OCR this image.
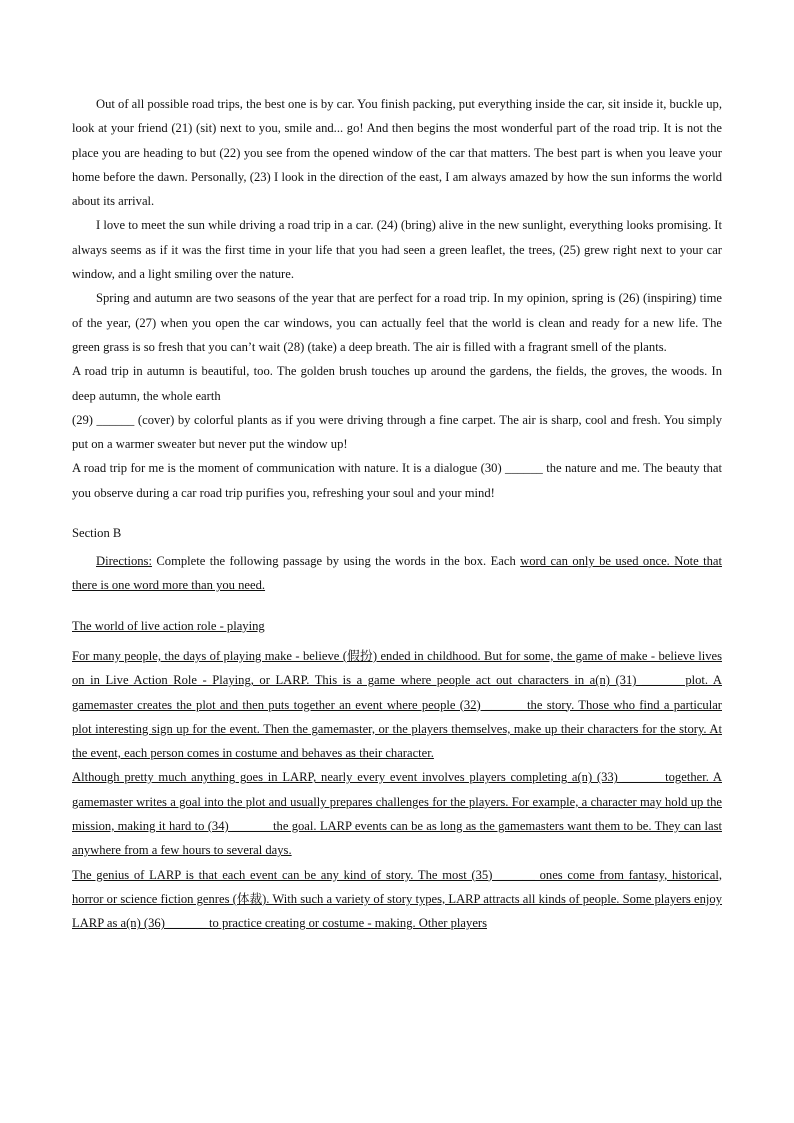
Out of all possible road trips, the best one is by car. You finish packing, put everything inside the car, sit inside it, buckle up, look at your friend (21) (sit) next to you, smile and... go! And then begins the most wonderful part of the road trip. It is not the place you are heading to but (22) you see from the opened window of the car that matters. The best part is when you leave your home before the dawn. Personally, (23) I look in the direction of the east, I am always amazed by how the sun informs the world about its arrival.

I love to meet the sun while driving a road trip in a car. (24) (bring) alive in the new sunlight, everything looks promising. It always seems as if it was the first time in your life that you had seen a green leaflet, the trees, (25) grew right next to your car window, and a light smiling over the nature.

Spring and autumn are two seasons of the year that are perfect for a road trip. In my opinion, spring is (26) (inspiring) time of the year, (27) when you open the car windows, you can actually feel that the world is clean and ready for a new life. The green grass is so fresh that you can’t wait (28) (take) a deep breath. The air is filled with a fragrant smell of the plants.

A road trip in autumn is beautiful, too. The golden brush touches up around the gardens, the fields, the groves, the woods. In deep autumn, the whole earth

(29) ______ (cover) by colorful plants as if you were driving through a fine carpet. The air is sharp, cool and fresh. You simply put on a warmer sweater but never put the window up!

A road trip for me is the moment of communication with nature. It is a dialogue (30) ______ the nature and me. The beauty that you observe during a car road trip purifies you, refreshing your soul and your mind!

Section B

Directions: Complete the following passage by using the words in the box. Each word can only be used once. Note that there is one word more than you need.

The world of live action role - playing

For many people, the days of playing make - believe (假扮) ended in childhood. But for some, the game of make - believe lives on in Live Action Role - Playing, or LARP. This is a game where people act out characters in a(n) (31) ______ plot. A gamemaster creates the plot and then puts together an event where people (32) ______ the story. Those who find a particular plot interesting sign up for the event. Then the gamemaster, or the players themselves, make up their characters for the story. At the event, each person comes in costume and behaves as their character.

Although pretty much anything goes in LARP, nearly every event involves players completing a(n) (33) ______ together. A gamemaster writes a goal into the plot and usually prepares challenges for the players. For example, a character may hold up the mission, making it hard to (34) ______ the goal. LARP events can be as long as the gamemasters want them to be. They can last anywhere from a few hours to several days.

The genius of LARP is that each event can be any kind of story. The most (35) ______ ones come from fantasy, historical, horror or science fiction genres (体裁). With such a variety of story types, LARP attracts all kinds of people. Some players enjoy LARP as a(n) (36) ______ to practice creating or costume - making. Other players
